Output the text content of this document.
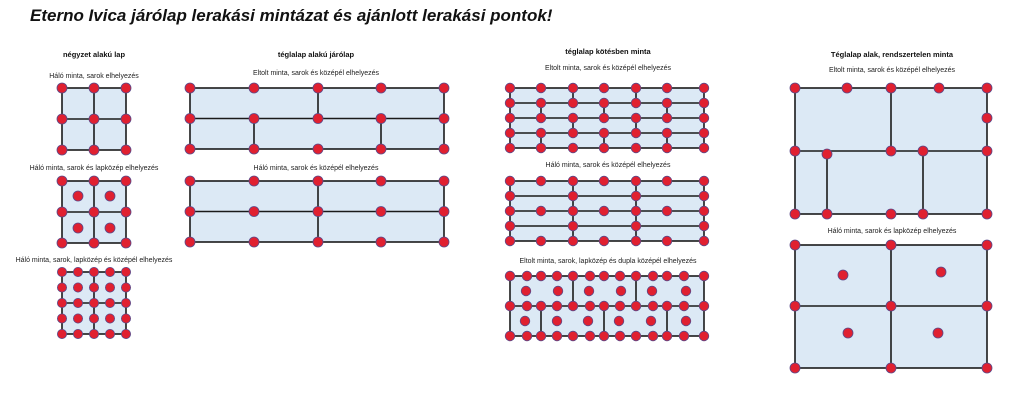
Eterno Ivica járólap lerakási mintázat és ajánlott lerakási pontok!
négyzet alakú lap
Háló minta, sarok elhelyezés
Háló minta, sarok és lapközép elhelyezés
Háló minta, sarok, lapközép és középél elhelyezés
téglalap alakú járólap
Eltolt minta, sarok és középél elhelyezés
Háló minta, sarok és középél elhelyezés
téglalap kötésben minta
Eltolt minta, sarok és középél elhelyezés
Háló minta, sarok és középél elhelyezés
Eltolt minta, sarok, lapközép és dupla középél elhelyezés
Téglalap alak, rendszertelen minta
Eltolt minta, sarok és középél elhelyezés
Háló minta, sarok és lapközép elhelyezés
